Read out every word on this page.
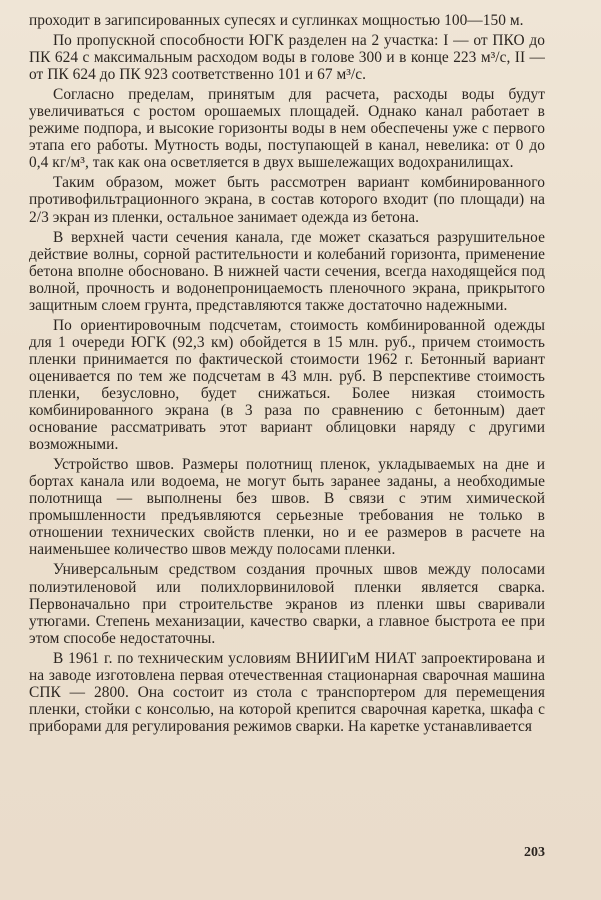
проходит в загипсированных супесях и суглинках мощностью 100—150 м.

По пропускной способности ЮГК разделен на 2 участка: I — от ПКО до ПК 624 с максимальным расходом воды в голове 300 и в конце 223 м³/с, II — от ПК 624 до ПК 923 соответственно 101 и 67 м³/с.

Согласно пределам, принятым для расчета, расходы воды будут увеличиваться с ростом орошаемых площадей. Однако канал работает в режиме подпора, и высокие горизонты воды в нем обеспечены уже с первого этапа его работы. Мутность воды, поступающей в канал, невелика: от 0 до 0,4 кг/м³, так как она осветляется в двух вышележащих водохранилищах.

Таким образом, может быть рассмотрен вариант комбинированного противофильтрационного экрана, в состав которого входит (по площади) на 2/3 экран из пленки, остальное занимает одежда из бетона.

В верхней части сечения канала, где может сказаться разрушительное действие волны, сорной растительности и колебаний горизонта, применение бетона вполне обосновано. В нижней части сечения, всегда находящейся под волной, прочность и водонепроницаемость пленочного экрана, прикрытого защитным слоем грунта, представляются также достаточно надежными.

По ориентировочным подсчетам, стоимость комбинированной одежды для 1 очереди ЮГК (92,3 км) обойдется в 15 млн. руб., причем стоимость пленки принимается по фактической стоимости 1962 г. Бетонный вариант оценивается по тем же подсчетам в 43 млн. руб. В перспективе стоимость пленки, безусловно, будет снижаться. Более низкая стоимость комбинированного экрана (в 3 раза по сравнению с бетонным) дает основание рассматривать этот вариант облицовки наряду с другими возможными.

Устройство швов. Размеры полотнищ пленок, укладываемых на дне и бортах канала или водоема, не могут быть заранее заданы, а необходимые полотнища — выполнены без швов. В связи с этим химической промышленности предъявляются серьезные требования не только в отношении технических свойств пленки, но и ее размеров в расчете на наименьшее количество швов между полосами пленки.

Универсальным средством создания прочных швов между полосами полиэтиленовой или полихлорвиниловой пленки является сварка. Первоначально при строительстве экранов из пленки швы сваривали утюгами. Степень механизации, качество сварки, а главное быстрота ее при этом способе недостаточны.

В 1961 г. по техническим условиям ВНИИГиМ НИАТ запроектирована и на заводе изготовлена первая отечественная стационарная сварочная машина СПК — 2800. Она состоит из стола с транспортером для перемещения пленки, стойки с консолью, на которой крепится сварочная каретка, шкафа с приборами для регулирования режимов сварки. На каретке устанавливается

203
